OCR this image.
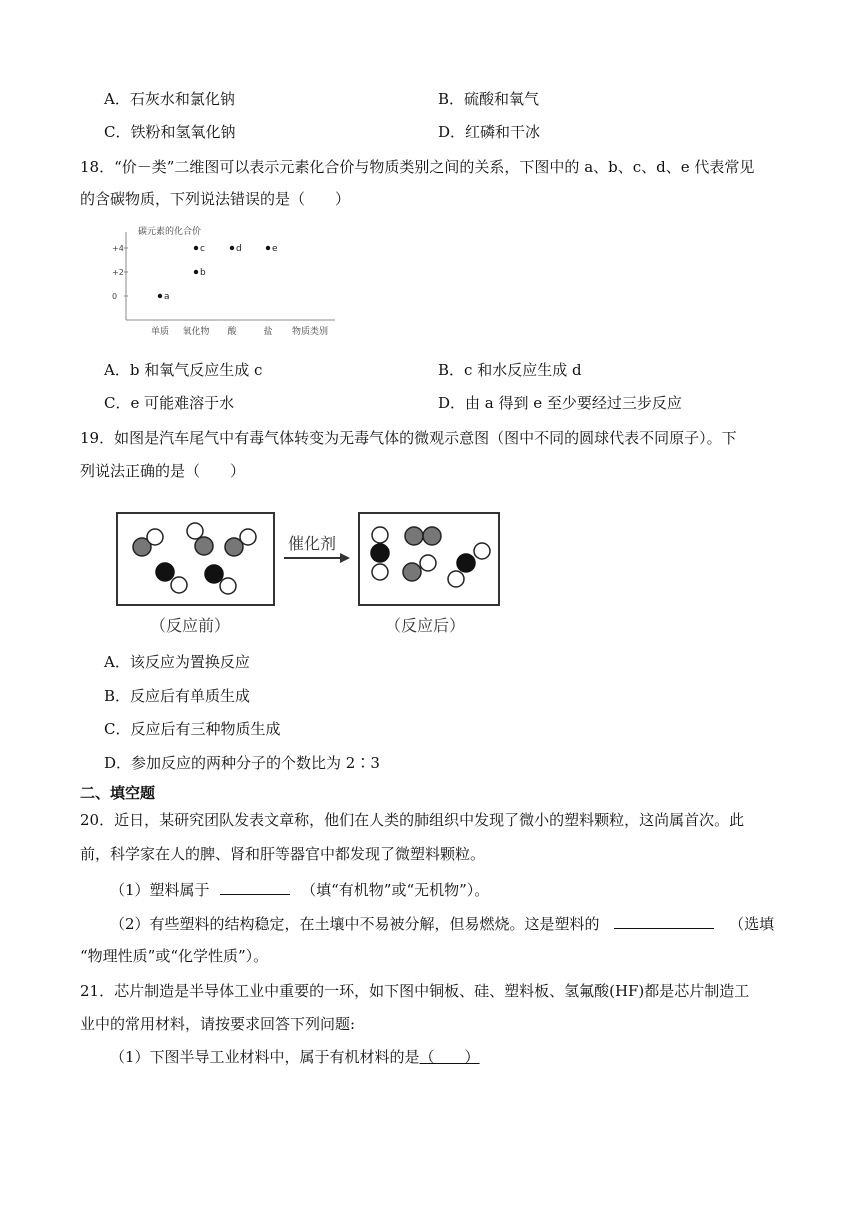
A．石灰水和氯化钠	B．硫酸和氧气
C．铁粉和氢氧化钠	D．红磷和干冰
18．“价－类”二维图可以表示元素化合价与物质类别之间的关系，下图中的 a、b、c、d、e 代表常见
的含碳物质，下列说法错误的是（　　）
碳元素的化合价
+4
+2
0
单质 氧化物 酸	盐 物质类别
a
b
c	d	e
A．b 和氧气反应生成 c	B．c 和水反应生成 d
C．e 可能难溶于水	D．由 a 得到 e 至少要经过三步反应
19．如图是汽车尾气中有毒气体转变为无毒气体的微观示意图（图中不同的圆球代表不同原子）。下
列说法正确的是（　　）
催化剂
（反应前）	（反应后）
A．该反应为置换反应
B．反应后有单质生成
C．反应后有三种物质生成
D．参加反应的两种分子的个数比为 2∶3
二、填空题
20．近日，某研究团队发表文章称，他们在人类的肺组织中发现了微小的塑料颗粒，这尚属首次。此
前，科学家在人的脾、肾和肝等器官中都发现了微塑料颗粒。
（1）塑料属于	（填“有机物”或“无机物”）。
（2）有些塑料的结构稳定，在土壤中不易被分解，但易燃烧。这是塑料的	（选填
“物理性质”或“化学性质”）。
21．芯片制造是半导体工业中重要的一环，如下图中铜板、硅、塑料板、氢氟酸(HF)都是芯片制造工
业中的常用材料，请按要求回答下列问题:
（1）下图半导工业材料中，属于有机材料的是（　　）
